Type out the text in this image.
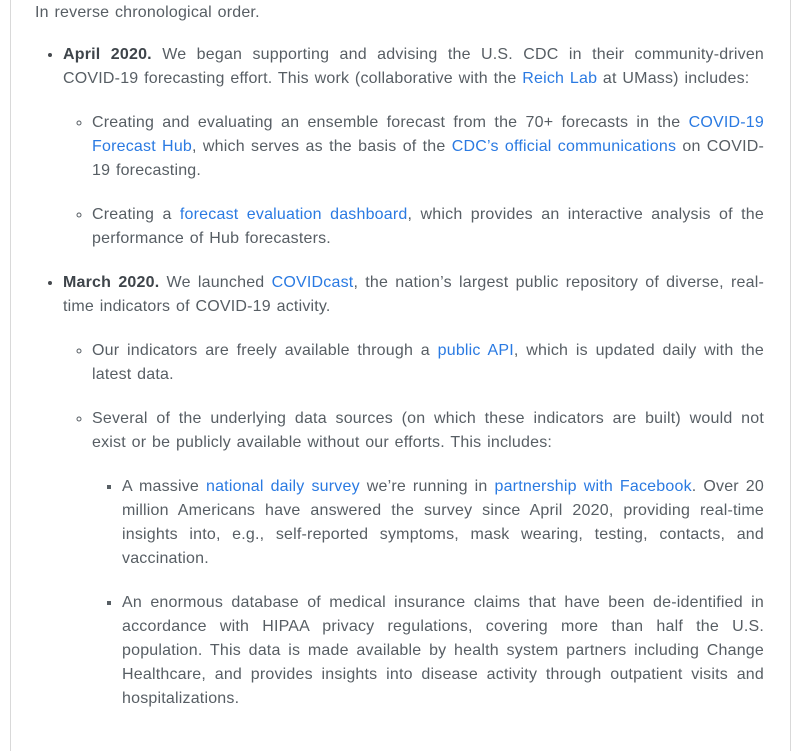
In reverse chronological order.

• April 2020. We began supporting and advising the U.S. CDC in their community-driven COVID-19 forecasting effort. This work (collaborative with the Reich Lab at UMass) includes:

◦ Creating and evaluating an ensemble forecast from the 70+ forecasts in the COVID-19 Forecast Hub, which serves as the basis of the CDC’s official communications on COVID-19 forecasting.

◦ Creating a forecast evaluation dashboard, which provides an interactive analysis of the performance of Hub forecasters.

• March 2020. We launched COVIDcast, the nation’s largest public repository of diverse, real-time indicators of COVID-19 activity.

◦ Our indicators are freely available through a public API, which is updated daily with the latest data.

◦ Several of the underlying data sources (on which these indicators are built) would not exist or be publicly available without our efforts. This includes:

▪ A massive national daily survey we’re running in partnership with Facebook. Over 20 million Americans have answered the survey since April 2020, providing real-time insights into, e.g., self-reported symptoms, mask wearing, testing, contacts, and vaccination.

▪ An enormous database of medical insurance claims that have been de-identified in accordance with HIPAA privacy regulations, covering more than half the U.S. population. This data is made available by health system partners including Change Healthcare, and provides insights into disease activity through outpatient visits and hospitalizations.
